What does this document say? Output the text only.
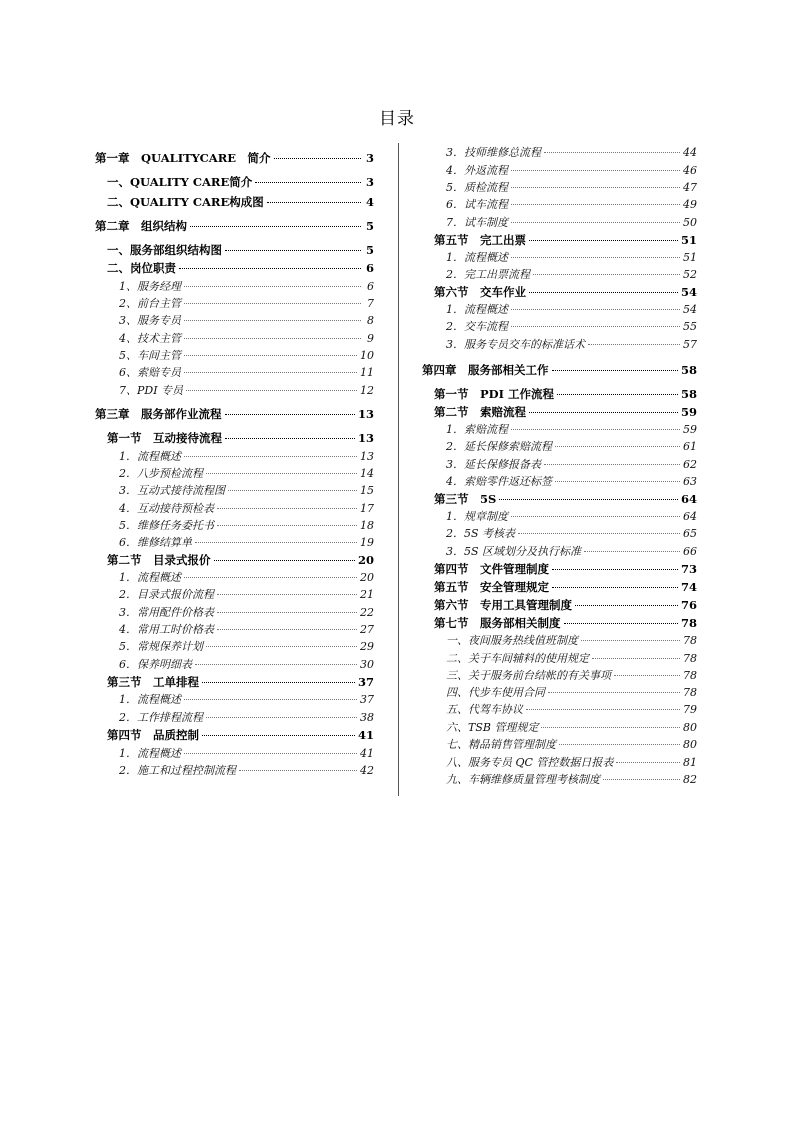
目录
第一章　QUALITYCARE　简介	3
一、QUALITY CARE简介	3
二、QUALITY CARE构成图	4
第二章　组织结构	5
一、服务部组织结构图	5
二、岗位职责	6
1、服务经理	6
2、前台主管	7
3、服务专员	8
4、技术主管	9
5、车间主管	10
6、索赔专员	11
7、PDI 专员	12
第三章　服务部作业流程	13
第一节　互动接待流程	13
1．流程概述	13
2．八步预检流程	14
3．互动式接待流程图	15
4．互动接待预检表	17
5．维修任务委托书	18
6．维修结算单	19
第二节　目录式报价	20
1．流程概述	20
2．目录式报价流程	21
3．常用配件价格表	22
4．常用工时价格表	27
5．常规保养计划	29
6．保养明细表	30
第三节　工单排程	37
1．流程概述	37
2．工作排程流程	38
第四节　品质控制	41
1．流程概述	41
2．施工和过程控制流程	42
3．技师维修总流程	44
4．外返流程	46
5．质检流程	47
6．试车流程	49
7．试车制度	50
第五节　完工出票	51
1．流程概述	51
2．完工出票流程	52
第六节　交车作业	54
1．流程概述	54
2．交车流程	55
3．服务专员交车的标准话术	57
第四章　服务部相关工作	58
第一节　PDI 工作流程	58
第二节　索赔流程	59
1．索赔流程	59
2．延长保修索赔流程	61
3．延长保修报备表	62
4．索赔零件返还标签	63
第三节　5S	64
1．规章制度	64
2．5S 考核表	65
3．5S 区域划分及执行标准	66
第四节　文件管理制度	73
第五节　安全管理规定	74
第六节　专用工具管理制度	76
第七节　服务部相关制度	78
一、夜间服务热线值班制度	78
二、关于车间辅料的使用规定	78
三、关于服务前台结帐的有关事项	78
四、代步车使用合同	78
五、代驾车协议	79
六、TSB 管理规定	80
七、精品销售管理制度	80
八、服务专员 QC 管控数据日报表	81
九、车辆维修质量管理考核制度	82
